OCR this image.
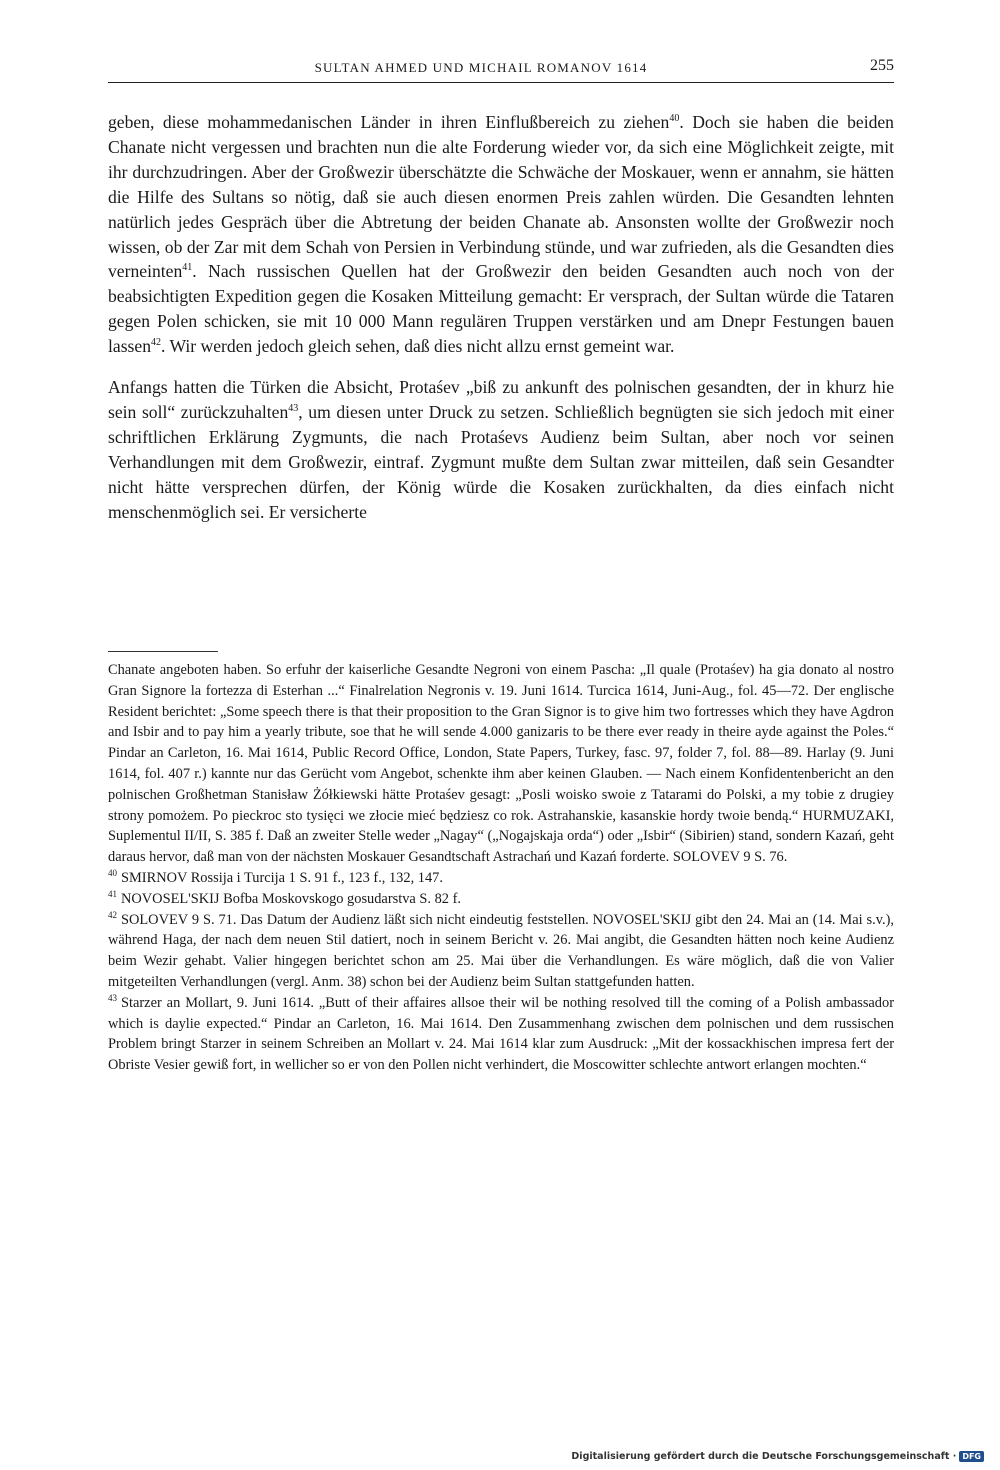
SULTAN AHMED UND MICHAIL ROMANOV 1614	255

geben, diese mohammedanischen Länder in ihren Einflußbereich zu ziehen$^{40}$. Doch sie haben die beiden Chanate nicht vergessen und brachten nun die alte Forderung wieder vor, da sich eine Möglichkeit zeigte, mit ihr durchzudringen. Aber der Großwezir überschätzte die Schwäche der Moskauer, wenn er annahm, sie hätten die Hilfe des Sultans so nötig, daß sie auch diesen enormen Preis zahlen würden. Die Gesandten lehnten natürlich jedes Gespräch über die Abtretung der beiden Chanate ab. Ansonsten wollte der Großwezir noch wissen, ob der Zar mit dem Schah von Persien in Verbindung stünde, und war zufrieden, als die Gesandten dies verneinten$^{41}$. Nach russischen Quellen hat der Großwezir den beiden Gesandten auch noch von der beabsichtigten Expedition gegen die Kosaken Mitteilung gemacht: Er versprach, der Sultan würde die Tataren gegen Polen schicken, sie mit 10 000 Mann regulären Truppen verstärken und am Dnepr Festungen bauen lassen$^{42}$. Wir werden jedoch gleich sehen, daß dies nicht allzu ernst gemeint war.

Anfangs hatten die Türken die Absicht, Protaśev „biß zu ankunft des polnischen gesandten, der in khurz hie sein soll“ zurückzuhalten$^{43}$, um diesen unter Druck zu setzen. Schließlich begnügten sie sich jedoch mit einer schriftlichen Erklärung Zygmunts, die nach Protaśevs Audienz beim Sultan, aber noch vor seinen Verhandlungen mit dem Großwezir, eintraf. Zygmunt mußte dem Sultan zwar mitteilen, daß sein Gesandter nicht hätte versprechen dürfen, der König würde die Kosaken zurückhalten, da dies einfach nicht menschenmöglich sei. Er versicherte

Chanate angeboten haben. So erfuhr der kaiserliche Gesandte Negroni von einem Pascha: „Il quale (Protaśev) ha gia donato al nostro Gran Signore la fortezza di Esterhan ...“ Finalrelation Negronis v. 19. Juni 1614. Turcica 1614, Juni-Aug., fol. 45—72. Der englische Resident berichtet: „Some speech there is that their proposition to the Gran Signor is to give him two fortresses which they have Agdron and Isbir and to pay him a yearly tribute, soe that he will sende 4.000 ganizaris to be there ever ready in theire ayde against the Poles.“ Pindar an Carleton, 16. Mai 1614, Public Record Office, London, State Papers, Turkey, fasc. 97, folder 7, fol. 88—89. Harlay (9. Juni 1614, fol. 407 r.) kannte nur das Gerücht vom Angebot, schenkte ihm aber keinen Glauben. — Nach einem Konfidentenbericht an den polnischen Großhetman Stanisław Żółkiewski hätte Protaśev gesagt: „Posli woisko swoie z Tatarami do Polski, a my tobie z drugiey strony pomożem. Po pieckroc sto tysięci we złocie mieć będziesz co rok. Astrahanskie, kasanskie hordy twoie bendą.“ HURMUZAKI, Suplementul II/II, S. 385 f. Daß an zweiter Stelle weder „Nagay“ („Nogajskaja orda“) oder „Isbir“ (Sibirien) stand, sondern Kazań, geht daraus hervor, daß man von der nächsten Moskauer Gesandtschaft Astrachań und Kazań forderte. SOLOVEV 9 S. 76.

$^{40}$ SMIRNOV Rossija i Turcija 1 S. 91 f., 123 f., 132, 147.

$^{41}$ NOVOSEL'SKIJ Bofba Moskovskogo gosudarstva S. 82 f.

$^{42}$ SOLOVEV 9 S. 71. Das Datum der Audienz läßt sich nicht eindeutig feststellen. NOVOSEL'SKIJ gibt den 24. Mai an (14. Mai s.v.), während Haga, der nach dem neuen Stil datiert, noch in seinem Bericht v. 26. Mai angibt, die Gesandten hätten noch keine Audienz beim Wezir gehabt. Valier hingegen berichtet schon am 25. Mai über die Verhandlungen. Es wäre möglich, daß die von Valier mitgeteilten Verhandlungen (vergl. Anm. 38) schon bei der Audienz beim Sultan stattgefunden hatten.

$^{43}$ Starzer an Mollart, 9. Juni 1614. „Butt of their affaires allsoe their wil be nothing resolved till the coming of a Polish ambassador which is daylie expected.“ Pindar an Carleton, 16. Mai 1614. Den Zusammenhang zwischen dem polnischen und dem russischen Problem bringt Starzer in seinem Schreiben an Mollart v. 24. Mai 1614 klar zum Ausdruck: „Mit der kossackhischen impresa fert der Obriste Vesier gewiß fort, in wellicher so er von den Pollen nicht verhindert, die Moscowitter schlechte antwort erlangen mochten.“

Digitalisierung gefördert durch die Deutsche Forschungsgemeinschaft · DFG
